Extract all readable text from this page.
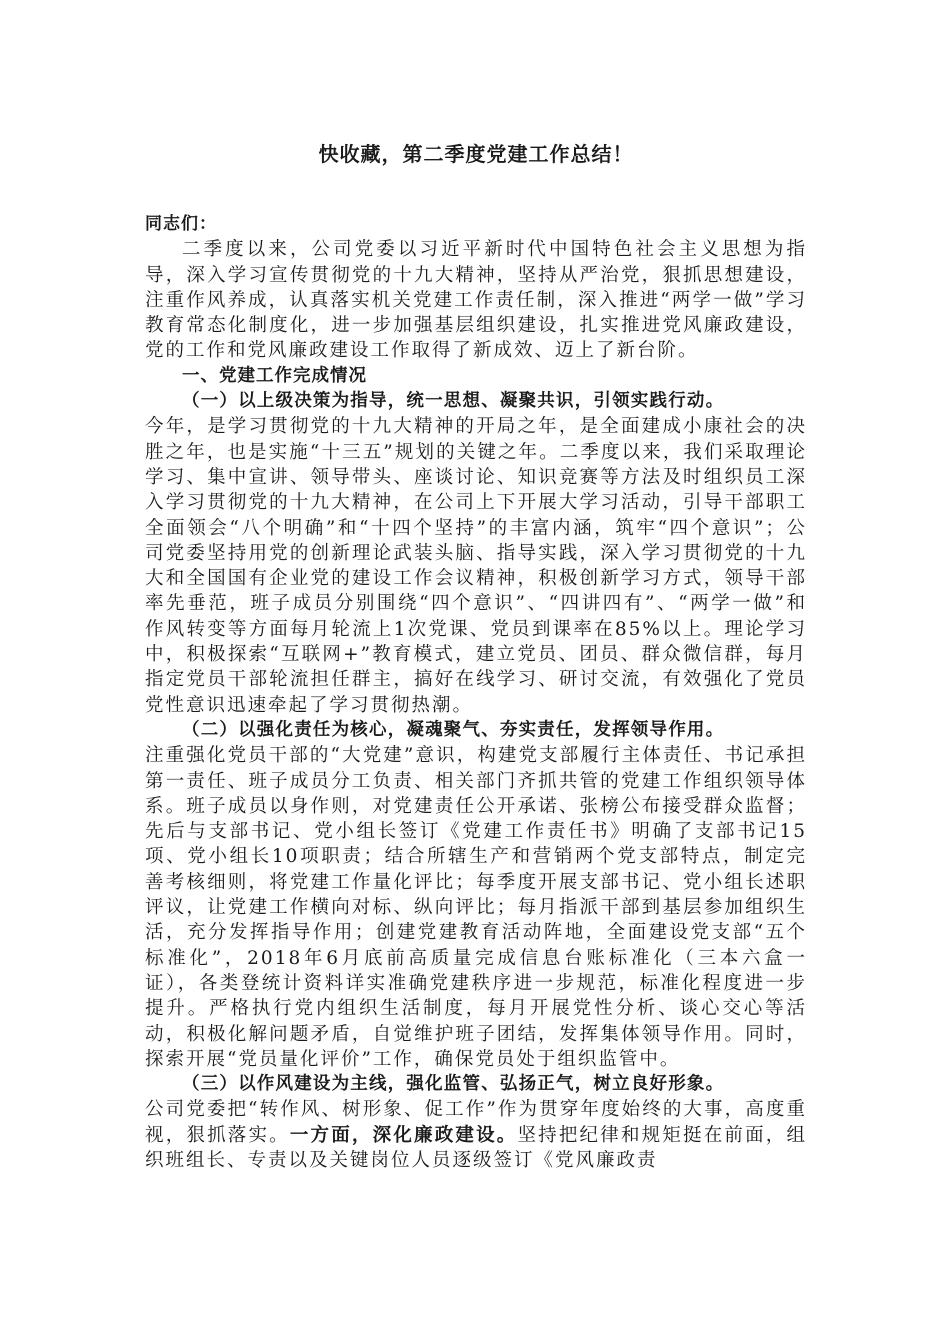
快收藏，第二季度党建工作总结！

同志们：

二季度以来，公司党委以习近平新时代中国特色社会主义思想为指导，深入学习宣传贯彻党的十九大精神，坚持从严治党，狠抓思想建设，注重作风养成，认真落实机关党建工作责任制，深入推进“两学一做”学习教育常态化制度化，进一步加强基层组织建设，扎实推进党风廉政建设，党的工作和党风廉政建设工作取得了新成效、迈上了新台阶。

一、党建工作完成情况

（一）以上级决策为指导，统一思想、凝聚共识，引领实践行动。

今年，是学习贯彻党的十九大精神的开局之年，是全面建成小康社会的决胜之年，也是实施“十三五”规划的关键之年。二季度以来，我们采取理论学习、集中宣讲、领导带头、座谈讨论、知识竞赛等方法及时组织员工深入学习贯彻党的十九大精神，在公司上下开展大学习活动，引导干部职工全面领会“八个明确”和“十四个坚持”的丰富内涵，筑牢“四个意识”；公司党委坚持用党的创新理论武装头脑、指导实践，深入学习贯彻党的十九大和全国国有企业党的建设工作会议精神，积极创新学习方式，领导干部率先垂范，班子成员分别围绕“四个意识”、“四讲四有”、“两学一做”和作风转变等方面每月轮流上1次党课、党员到课率在85%以上。理论学习中，积极探索“互联网+”教育模式，建立党员、团员、群众微信群，每月指定党员干部轮流担任群主，搞好在线学习、研讨交流，有效强化了党员党性意识迅速牵起了学习贯彻热潮。

（二）以强化责任为核心，凝魂聚气、夯实责任，发挥领导作用。

注重强化党员干部的“大党建”意识，构建党支部履行主体责任、书记承担第一责任、班子成员分工负责、相关部门齐抓共管的党建工作组织领导体系。班子成员以身作则，对党建责任公开承诺、张榜公布接受群众监督；先后与支部书记、党小组长签订《党建工作责任书》明确了支部书记15项、党小组长10项职责；结合所辖生产和营销两个党支部特点，制定完善考核细则，将党建工作量化评比；每季度开展支部书记、党小组长述职评议，让党建工作横向对标、纵向评比；每月指派干部到基层参加组织生活，充分发挥指导作用；创建党建教育活动阵地，全面建设党支部“五个标准化”，2018年6月底前高质量完成信息台账标准化（三本六盒一证），各类登统计资料详实准确党建秩序进一步规范，标准化程度进一步提升。严格执行党内组织生活制度，每月开展党性分析、谈心交心等活动，积极化解问题矛盾，自觉维护班子团结，发挥集体领导作用。同时，探索开展“党员量化评价”工作，确保党员处于组织监管中。

（三）以作风建设为主线，强化监管、弘扬正气，树立良好形象。

公司党委把“转作风、树形象、促工作”作为贯穿年度始终的大事，高度重视，狠抓落实。一方面，深化廉政建设。坚持把纪律和规矩挺在前面，组织班组长、专责以及关键岗位人员逐级签订《党风廉政责
